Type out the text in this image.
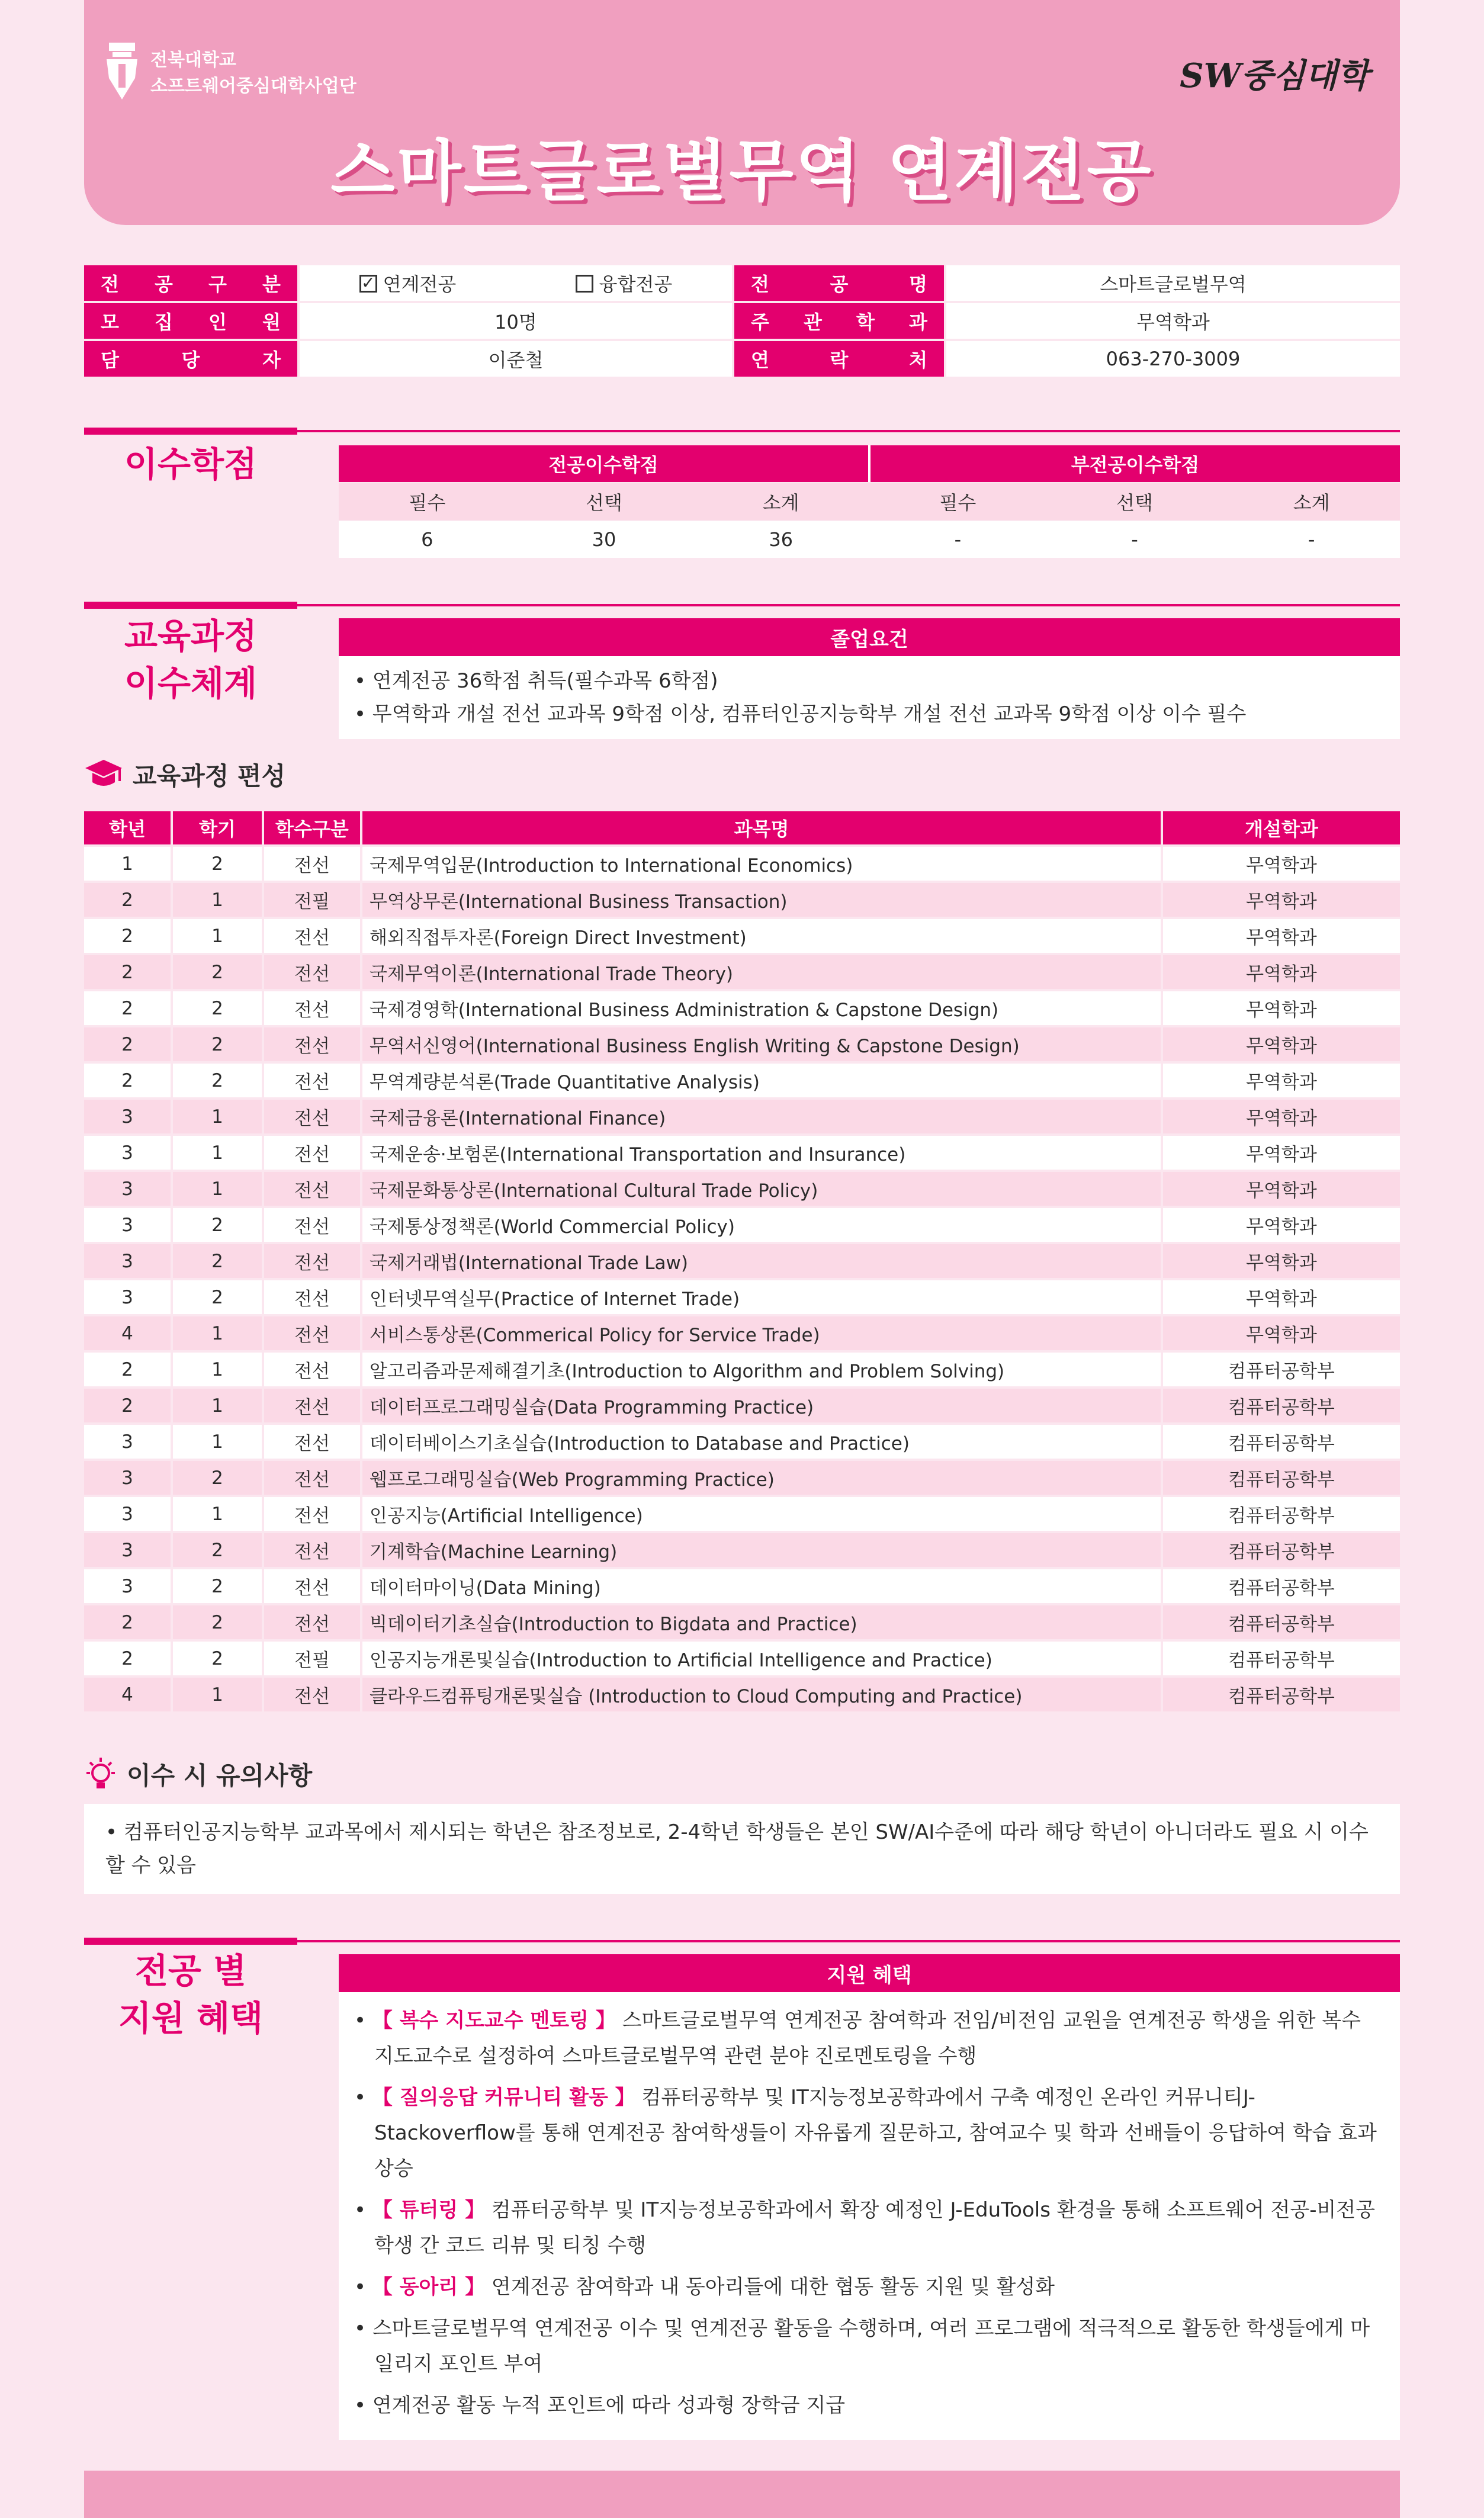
전북대학교
소프트웨어중심대학사업단	SW중심대학
스마트글로벌무역 연계전공
전 공 구 분	✓ 연계전공	융합전공	전	공	명	스마트글로벌무역
모 집 인 원	10명	주 관 학 과	무역학과
담	당	자	이준철	연	락	처	063-270-3009
이수학점	전공이수학점	부전공이수학점
필수	선택	소계	필수	선택	소계
6	30	36	-	-	-
교육과정
이수체계
졸업요건
• 연계전공 36학점 취득(필수과목 6학점)
• 무역학과 개설 전선 교과목 9학점 이상, 컴퓨터인공지능학부 개설 전선 교과목 9학점 이상 이수 필수
교육과정 편성
학년	학기	학수구분	과목명	개설학과
1	2	전선	국제무역입문(Introduction to International Economics)	무역학과
2	1	전필	무역상무론(International Business Transaction)	무역학과
2	1	전선	해외직접투자론(Foreign Direct Investment)	무역학과
2	2	전선	국제무역이론(International Trade Theory)	무역학과
2	2	전선	국제경영학(International Business Administration & Capstone Design)	무역학과
2	2	전선	무역서신영어(International Business English Writing & Capstone Design)	무역학과
2	2	전선	무역계량분석론(Trade Quantitative Analysis)	무역학과
3	1	전선	국제금융론(International Finance)	무역학과
3	1	전선	국제운송·보험론(International Transportation and Insurance)	무역학과
3	1	전선	국제문화통상론(International Cultural Trade Policy)	무역학과
3	2	전선	국제통상정책론(World Commercial Policy)	무역학과
3	2	전선	국제거래법(International Trade Law)	무역학과
3	2	전선	인터넷무역실무(Practice of Internet Trade)	무역학과
4	1	전선	서비스통상론(Commerical Policy for Service Trade)	무역학과
2	1	전선	알고리즘과문제해결기초(Introduction to Algorithm and Problem Solving)	컴퓨터공학부
2	1	전선	데이터프로그래밍실습(Data Programming Practice)	컴퓨터공학부
3	1	전선	데이터베이스기초실습(Introduction to Database and Practice)	컴퓨터공학부
3	2	전선	웹프로그래밍실습(Web Programming Practice)	컴퓨터공학부
3	1	전선	인공지능(Artificial Intelligence)	컴퓨터공학부
3	2	전선	기계학습(Machine Learning)	컴퓨터공학부
3	2	전선	데이터마이닝(Data Mining)	컴퓨터공학부
2	2	전선	빅데이터기초실습(Introduction to Bigdata and Practice)	컴퓨터공학부
2	2	전필	인공지능개론및실습(Introduction to Artificial Intelligence and Practice)	컴퓨터공학부
4	1	전선	클라우드컴퓨팅개론및실습 (Introduction to Cloud Computing and Practice)	컴퓨터공학부
이수 시 유의사항
• 컴퓨터인공지능학부 교과목에서 제시되는 학년은 참조정보로, 2-4학년 학생들은 본인 SW/AI수준에 따라 해당 학년이 아니더라도 필요 시 이수할 수 있음
전공 별
지원 혜택
지원 혜택
• 【 복수 지도교수 멘토링 】 스마트글로벌무역 연계전공 참여학과 전임/비전임 교원을 연계전공 학생을 위한 복수 지도교수로 설정하여 스마트글로벌무역 관련 분야 진로멘토링을 수행
• 【 질의응답 커뮤니티 활동 】 컴퓨터공학부 및 IT지능정보공학과에서 구축 예정인 온라인 커뮤니티J-Stackoverflow를 통해 연계전공 참여학생들이 자유롭게 질문하고, 참여교수 및 학과 선배들이 응답하여 학습 효과 상승
• 【 튜터링 】 컴퓨터공학부 및 IT지능정보공학과에서 확장 예정인 J-EduTools 환경을 통해 소프트웨어 전공-비전공 학생 간 코드 리뷰 및 티칭 수행
• 【 동아리 】 연계전공 참여학과 내 동아리들에 대한 협동 활동 지원 및 활성화
• 스마트글로벌무역 연계전공 이수 및 연계전공 활동을 수행하며, 여러 프로그램에 적극적으로 활동한 학생들에게 마일리지 포인트 부여
• 연계전공 활동 누적 포인트에 따라 성과형 장학금 지급
